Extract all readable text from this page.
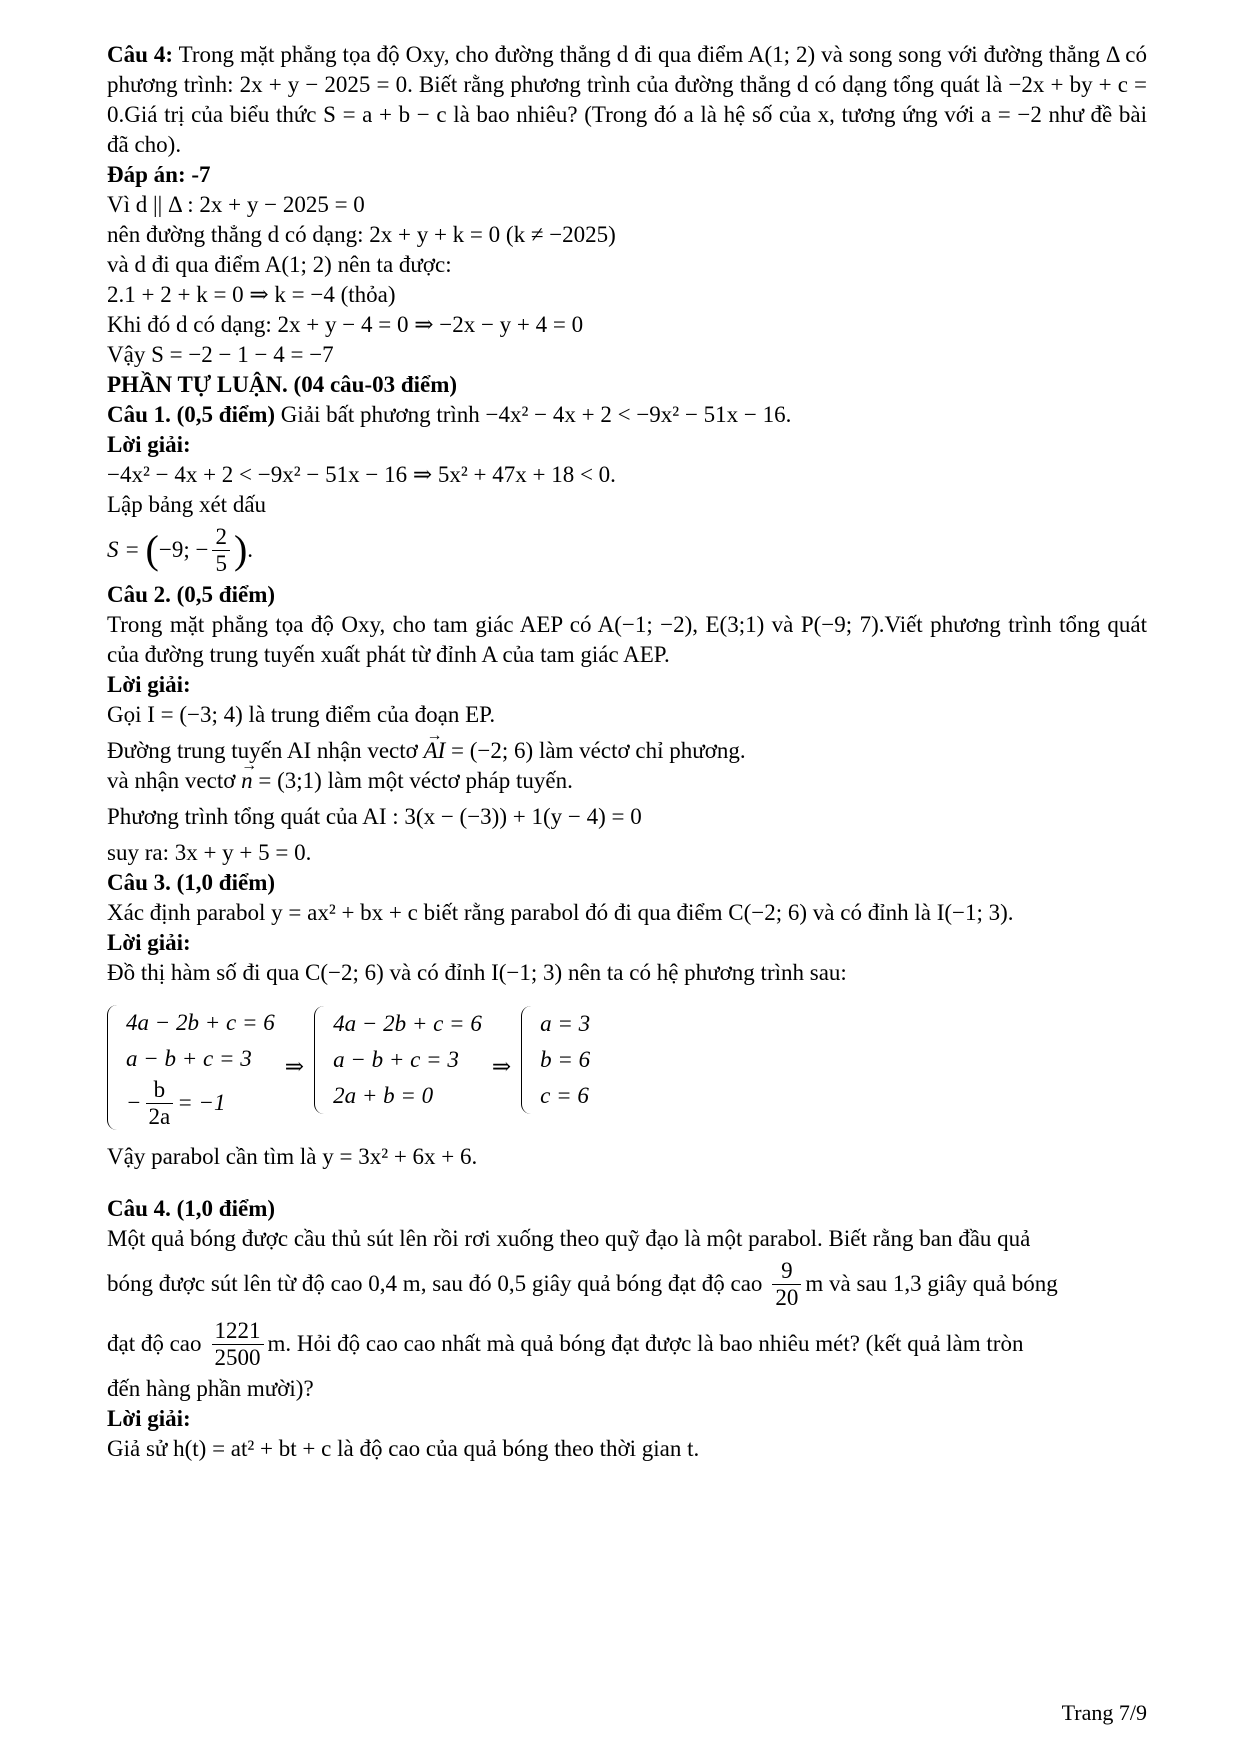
Câu 4: Trong mặt phẳng tọa độ Oxy, cho đường thẳng d đi qua điểm A(1; 2) và song song với đường thẳng Δ có phương trình: 2x + y − 2025 = 0. Biết rằng phương trình của đường thẳng d có dạng tổng quát là −2x + by + c = 0.Giá trị của biểu thức S = a + b − c là bao nhiêu? (Trong đó a là hệ số của x, tương ứng với a = −2 như đề bài đã cho).
Đáp án: -7
Vì d || Δ : 2x + y − 2025 = 0
nên đường thẳng d có dạng: 2x + y + k = 0 (k ≠ −2025)
và d đi qua điểm A(1; 2) nên ta được:
2.1 + 2 + k = 0 ⇒ k = −4 (thỏa)
Khi đó d có dạng: 2x + y − 4 = 0 ⇒ −2x − y + 4 = 0
Vậy S = −2 − 1 − 4 = −7
PHẦN TỰ LUẬN. (04 câu-03 điểm)
Câu 1. (0,5 điểm) Giải bất phương trình −4x² − 4x + 2 < −9x² − 51x − 16.
Lời giải:
−4x² − 4x + 2 < −9x² − 51x − 16 ⇒ 5x² + 47x + 18 < 0.
Lập bảng xét dấu
S = ( −9; − $\frac{2}{5}$ ) .
Câu 2. (0,5 điểm)
Trong mặt phẳng tọa độ Oxy, cho tam giác AEP có A(−1; −2), E(3;1) và P(−9; 7).Viết phương trình tổng quát của đường trung tuyến xuất phát từ đỉnh A của tam giác AEP.
Lời giải:
Gọi I = (−3; 4) là trung điểm của đoạn EP.
Đường trung tuyến AI nhận vectơ → AI = (−2; 6) làm véctơ chỉ phương.
và nhận vectơ → n = (3;1) làm một véctơ pháp tuyến.
Phương trình tổng quát của AI : 3(x − (−3)) + 1(y − 4) = 0
suy ra: 3x + y + 5 = 0.
Câu 3. (1,0 điểm)
Xác định parabol y = ax² + bx + c biết rằng parabol đó đi qua điểm C(−2; 6) và có đỉnh là I(−1; 3).
Lời giải:
Đồ thị hàm số đi qua C(−2; 6) và có đỉnh I(−1; 3) nên ta có hệ phương trình sau:
4a − 2b + c = 6
a − b + c = 3
− $\frac{b}{2a} = -1$
⇒
4a − 2b + c = 6
a − b + c = 3
2a + b = 0
⇒
a = 3
b = 6
c = 6
Vậy parabol cần tìm là y = 3x² + 6x + 6.
Câu 4. (1,0 điểm)
Một quả bóng được cầu thủ sút lên rồi rơi xuống theo quỹ đạo là một parabol. Biết rằng ban đầu quả
bóng được sút lên từ độ cao 0,4 m, sau đó 0,5 giây quả bóng đạt độ cao $\frac{9}{20}$ m và sau 1,3 giây quả bóng
đạt độ cao $\frac{1221}{2500} m$. Hỏi độ cao cao nhất mà quả bóng đạt được là bao nhiêu mét? (kết quả làm tròn
đến hàng phần mười)?
Lời giải:
Giả sử h(t) = at² + bt + c là độ cao của quả bóng theo thời gian t.
Trang 7/9
